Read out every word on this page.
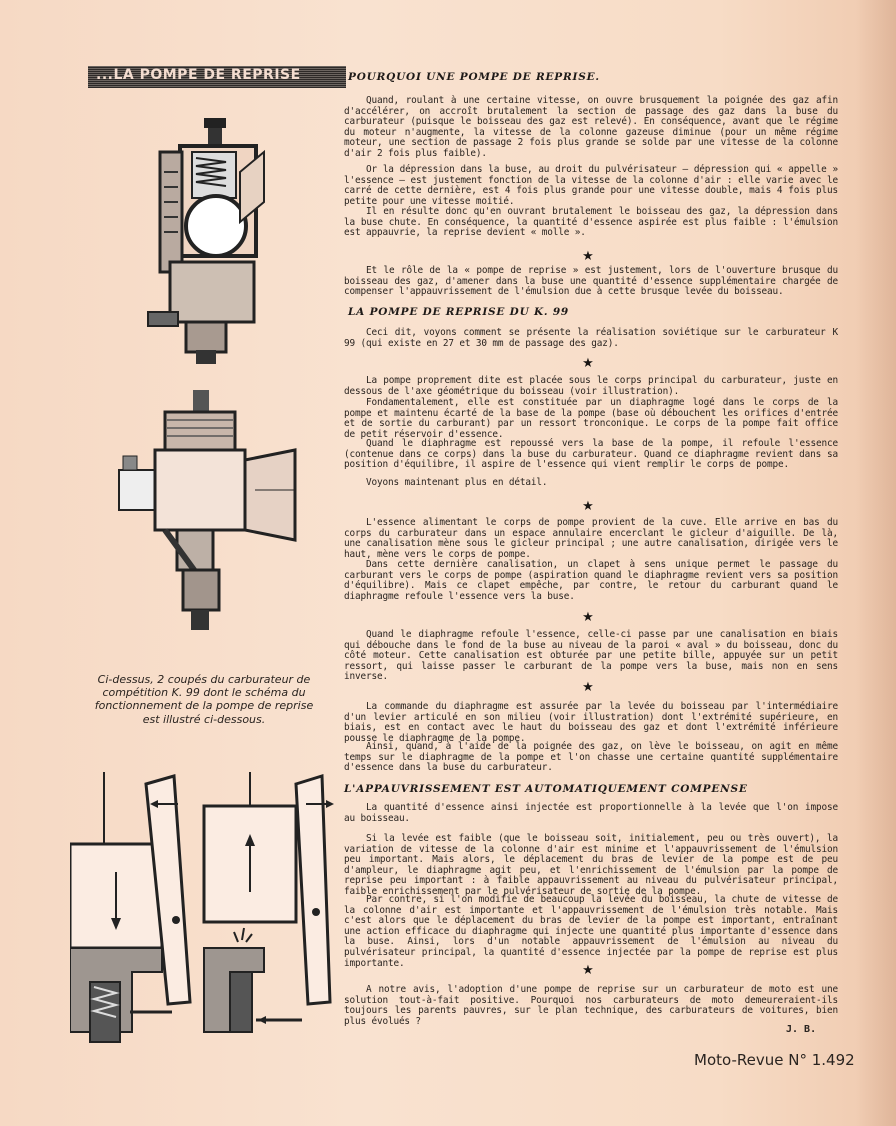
...LA POMPE DE REPRISE	POURQUOI UNE POMPE DE REPRISE.

Quand, roulant à une certaine vitesse, on ouvre brusquement la poignée des gaz afin d'accélérer, on accroît brutalement la section de passage des gaz dans la buse du carburateur (puisque le boisseau des gaz est relevé). En conséquence, avant que le régime du moteur n'augmente, la vitesse de la colonne gazeuse diminue (pour un même régime moteur, une section de passage 2 fois plus grande se solde par une vitesse de la colonne d'air 2 fois plus faible).

Or la dépression dans la buse, au droit du pulvérisateur — dépression qui « appelle » l'essence — est justement fonction de la vitesse de la colonne d'air : elle varie avec le carré de cette dernière, est 4 fois plus grande pour une vitesse double, mais 4 fois plus petite pour une vitesse moitié.

Il en résulte donc qu'en ouvrant brutalement le boisseau des gaz, la dépression dans la buse chute. En conséquence, la quantité d'essence aspirée est plus faible : l'émulsion est appauvrie, la reprise devient « molle ».

★

Et le rôle de la « pompe de reprise » est justement, lors de l'ouverture brusque du boisseau des gaz, d'amener dans la buse une quantité d'essence supplémentaire chargée de compenser l'appauvrissement de l'émulsion due à cette brusque levée du boisseau.

LA POMPE DE REPRISE DU K. 99

Ceci dit, voyons comment se présente la réalisation soviétique sur le carburateur K 99 (qui existe en 27 et 30 mm de passage des gaz).

★

La pompe proprement dite est placée sous le corps principal du carburateur, juste en dessous de l'axe géométrique du boisseau (voir illustration).

Fondamentalement, elle est constituée par un diaphragme logé dans le corps de la pompe et maintenu écarté de la base de la pompe (base où débouchent les orifices d'entrée et de sortie du carburant) par un ressort tronconique. Le corps de la pompe fait office de petit réservoir d'essence.

Quand le diaphragme est repoussé vers la base de la pompe, il refoule l'essence (contenue dans ce corps) dans la buse du carburateur. Quand ce diaphragme revient dans sa position d'équilibre, il aspire de l'essence qui vient remplir le corps de pompe.

Voyons maintenant plus en détail.

★

L'essence alimentant le corps de pompe provient de la cuve. Elle arrive en bas du corps du carburateur dans un espace annulaire encerclant le gicleur d'aiguille. De là, une canalisation mène sous le gicleur principal ; une autre canalisation, dirigée vers le haut, mène vers le corps de pompe.

Dans cette dernière canalisation, un clapet à sens unique permet le passage du carburant vers le corps de pompe (aspiration quand le diaphragme revient vers sa position d'équilibre). Mais ce clapet empêche, par contre, le retour du carburant quand le diaphragme refoule l'essence vers la buse.

★

Quand le diaphragme refoule l'essence, celle-ci passe par une canalisation en biais qui débouche dans le fond de la buse au niveau de la paroi « aval » du boisseau, donc du côté moteur. Cette canalisation est obturée par une petite bille, appuyée sur un petit ressort, qui laisse passer le carburant de la pompe vers la buse, mais non en sens inverse.

★

La commande du diaphragme est assurée par la levée du boisseau par l'intermédiaire d'un levier articulé en son milieu (voir illustration) dont l'extrémité supérieure, en biais, est en contact avec le haut du boisseau des gaz et dont l'extrémité inférieure pousse le diaphragme de la pompe.

Ainsi, quand, à l'aide de la poignée des gaz, on lève le boisseau, on agit en même temps sur le diaphragme de la pompe et l'on chasse une certaine quantité supplémentaire d'essence dans la buse du carburateur.

L'APPAUVRISSEMENT EST AUTOMATIQUEMENT COMPENSE

La quantité d'essence ainsi injectée est proportionnelle à la levée que l'on impose au boisseau.

Si la levée est faible (que le boisseau soit, initialement, peu ou très ouvert), la variation de vitesse de la colonne d'air est minime et l'appauvrissement de l'émulsion peu important. Mais alors, le déplacement du bras de levier de la pompe est de peu d'ampleur, le diaphragme agit peu, et l'enrichissement de l'émulsion par la pompe de reprise peu important : à faible appauvrissement au niveau du pulvérisateur principal, faible enrichissement par le pulvérisateur de sortie de la pompe.

Par contre, si l'on modifie de beaucoup la levée du boisseau, la chute de vitesse de la colonne d'air est importante et l'appauvrissement de l'émulsion très notable. Mais c'est alors que le déplacement du bras de levier de la pompe est important, entraînant une action efficace du diaphragme qui injecte une quantité plus importante d'essence dans la buse. Ainsi, lors d'un notable appauvrissement de l'émulsion au niveau du pulvérisateur principal, la quantité d'essence injectée par la pompe de reprise est plus importante.	★

A notre avis, l'adoption d'une pompe de reprise sur un carburateur de moto est une solution tout-à-fait positive. Pourquoi nos carburateurs de moto demeureraient-ils toujours les parents pauvres, sur le plan technique, des carburateurs de voitures, bien plus évolués ?

J. B.
Moto-Revue N° 1.492
Ci-dessus, 2 coupés du carburateur de compétition K. 99 dont le schéma du fonctionnement de la pompe de reprise est illustré ci-dessous.
